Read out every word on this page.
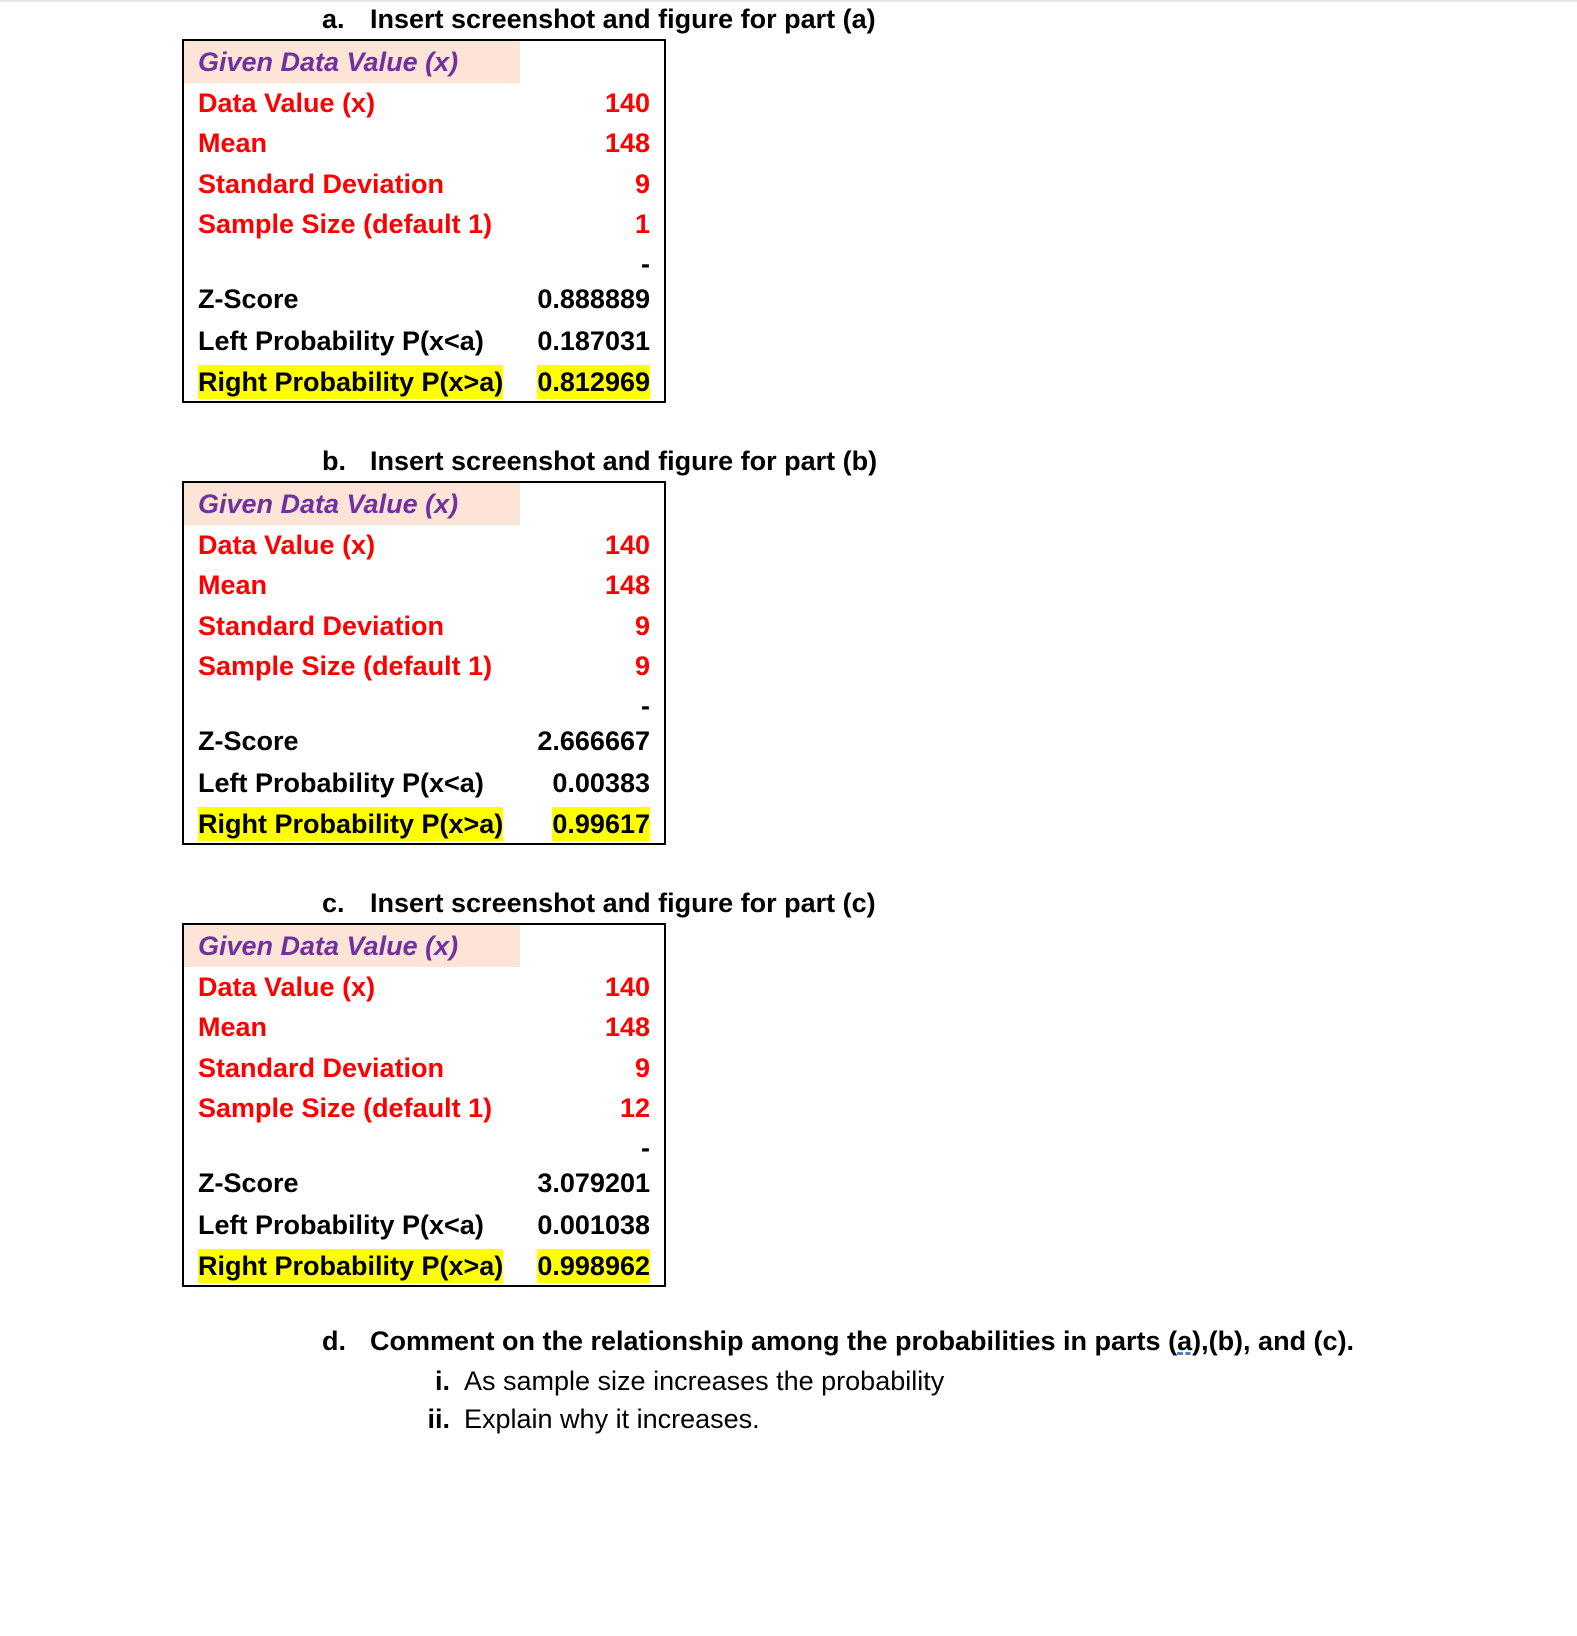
a. Insert screenshot and figure for part (a)
Given Data Value (x)
Data Value (x)	140
Mean	148
Standard Deviation	9
Sample Size (default 1)	1
-
Z-Score	0.888889
Left Probability P(x<a) 0.187031
Right Probability P(x>a) 0.812969
b. Insert screenshot and figure for part (b)
Given Data Value (x)
Data Value (x)	140
Mean	148
Standard Deviation	9
Sample Size (default 1)	9
-
Z-Score	2.666667
Left Probability P(x<a)	0.00383
Right Probability P(x>a) 0.99617
c. Insert screenshot and figure for part (c)
Given Data Value (x)
Data Value (x)	140
Mean	148
Standard Deviation	9
Sample Size (default 1)	12
-
Z-Score	3.079201
Left Probability P(x<a) 0.001038
Right Probability P(x>a) 0.998962
d. Comment on the relationship among the probabilities in parts (a),(b), and (c).
i. As sample size increases the probability
ii. Explain why it increases.
